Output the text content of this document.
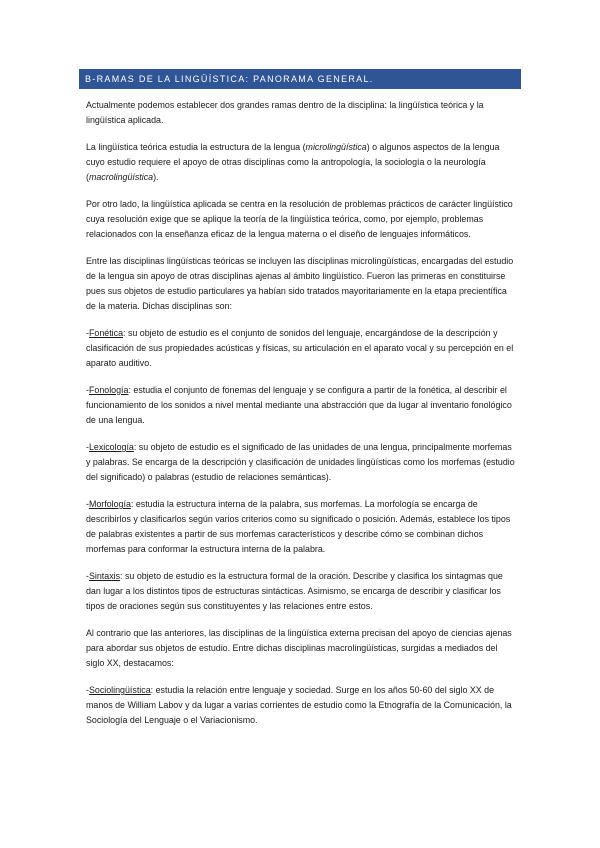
B-RAMAS DE LA LINGÜÍSTICA: PANORAMA GENERAL.

Actualmente podemos establecer dos grandes ramas dentro de la disciplina: la lingüística teórica y la lingüística aplicada.

La lingüística teórica estudia la estructura de la lengua (microlingüística) o algunos aspectos de la lengua cuyo estudio requiere el apoyo de otras disciplinas como la antropología, la sociología o la neurología (macrolingüística).

Por otro lado, la lingüística aplicada se centra en la resolución de problemas prácticos de carácter lingüístico cuya resolución exige que se aplique la teoría de la lingüística teórica, como, por ejemplo, problemas relacionados con la enseñanza eficaz de la lengua materna o el diseño de lenguajes informáticos.

Entre las disciplinas lingüísticas teóricas se incluyen las disciplinas microlingüísticas, encargadas del estudio de la lengua sin apoyo de otras disciplinas ajenas al ámbito lingüístico. Fueron las primeras en constituirse pues sus objetos de estudio particulares ya habían sido tratados mayoritariamente en la etapa precientífica de la materia. Dichas disciplinas son:

-Fonética: su objeto de estudio es el conjunto de sonidos del lenguaje, encargándose de la descripción y clasificación de sus propiedades acústicas y físicas, su articulación en el aparato vocal y su percepción en el aparato auditivo.

-Fonología: estudia el conjunto de fonemas del lenguaje y se configura a partir de la fonética, al describir el funcionamiento de los sonidos a nivel mental mediante una abstracción que da lugar al inventario fonológico de una lengua.

-Lexicología: su objeto de estudio es el significado de las unidades de una lengua, principalmente morfemas y palabras. Se encarga de la descripción y clasificación de unidades lingüísticas como los morfemas (estudio del significado) o palabras (estudio de relaciones semánticas).

-Morfología: estudia la estructura interna de la palabra, sus morfemas. La morfología se encarga de describirlos y clasificarlos según varios criterios como su significado o posición. Además, establece los tipos de palabras existentes a partir de sus morfemas característicos y describe cómo se combinan dichos morfemas para conformar la estructura interna de la palabra.

-Sintaxis: su objeto de estudio es la estructura formal de la oración. Describe y clasifica los sintagmas que dan lugar a los distintos tipos de estructuras sintácticas. Asimismo, se encarga de describir y clasificar los tipos de oraciones según sus constituyentes y las relaciones entre estos.

Al contrario que las anteriores, las disciplinas de la lingüística externa precisan del apoyo de ciencias ajenas para abordar sus objetos de estudio. Entre dichas disciplinas macrolingüísticas, surgidas a mediados del siglo XX, destacamos:

-Sociolingüística: estudia la relación entre lenguaje y sociedad. Surge en los años 50-60 del siglo XX de manos de William Labov y da lugar a varias corrientes de estudio como la Etnografía de la Comunicación, la Sociología del Lenguaje o el Variacionismo.
